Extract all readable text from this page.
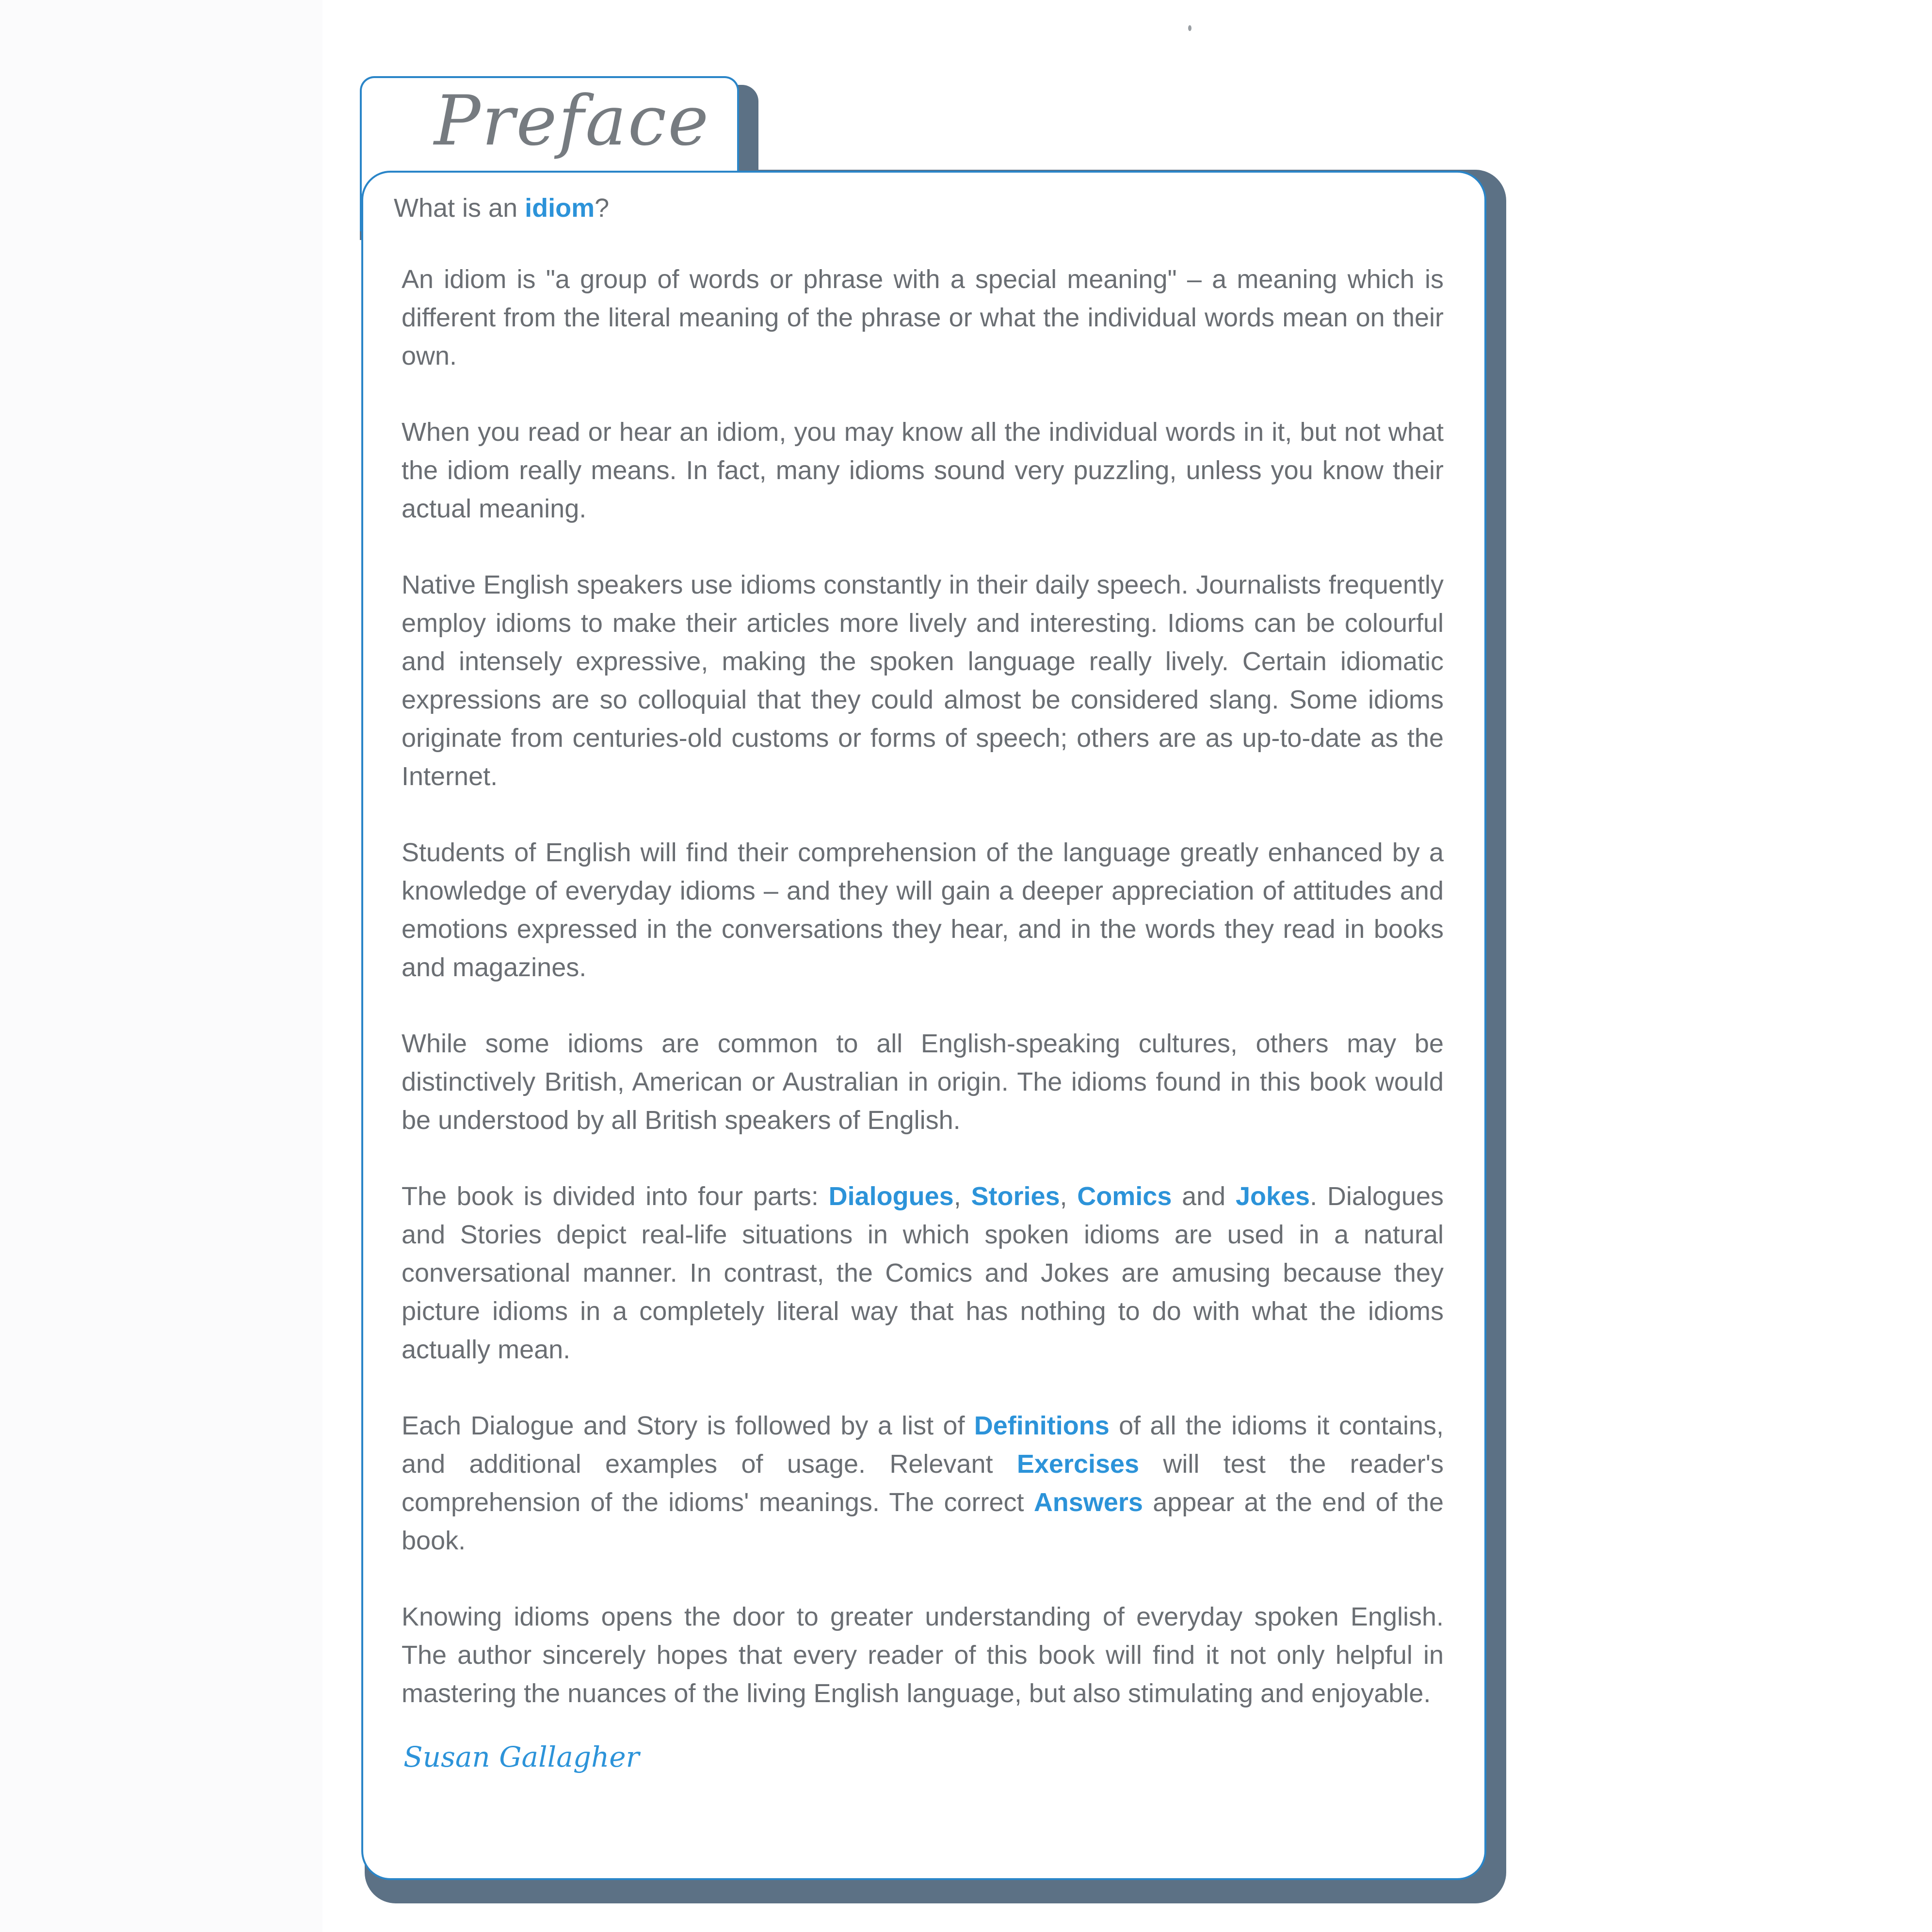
Preface

What is an idiom?

An idiom is "a group of words or phrase with a special meaning" – a meaning which is different from the literal meaning of the phrase or what the individual words mean on their own.

When you read or hear an idiom, you may know all the individual words in it, but not what the idiom really means. In fact, many idioms sound very puzzling, unless you know their actual meaning.

Native English speakers use idioms constantly in their daily speech. Journalists frequently employ idioms to make their articles more lively and interesting. Idioms can be colourful and intensely expressive, making the spoken language really lively. Certain idiomatic expressions are so colloquial that they could almost be considered slang. Some idioms originate from centuries-old customs or forms of speech; others are as up-to-date as the Internet.

Students of English will find their comprehension of the language greatly enhanced by a knowledge of everyday idioms – and they will gain a deeper appreciation of attitudes and emotions expressed in the conversations they hear, and in the words they read in books and magazines.

While some idioms are common to all English-speaking cultures, others may be distinctively British, American or Australian in origin. The idioms found in this book would be understood by all British speakers of English.

The book is divided into four parts: Dialogues, Stories, Comics and Jokes. Dialogues and Stories depict real-life situations in which spoken idioms are used in a natural conversational manner. In contrast, the Comics and Jokes are amusing because they picture idioms in a completely literal way that has nothing to do with what the idioms actually mean.

Each Dialogue and Story is followed by a list of Definitions of all the idioms it contains, and additional examples of usage. Relevant Exercises will test the reader's comprehension of the idioms' meanings. The correct Answers appear at the end of the book.

Knowing idioms opens the door to greater understanding of everyday spoken English. The author sincerely hopes that every reader of this book will find it not only helpful in mastering the nuances of the living English language, but also stimulating and enjoyable.

Susan Gallagher
